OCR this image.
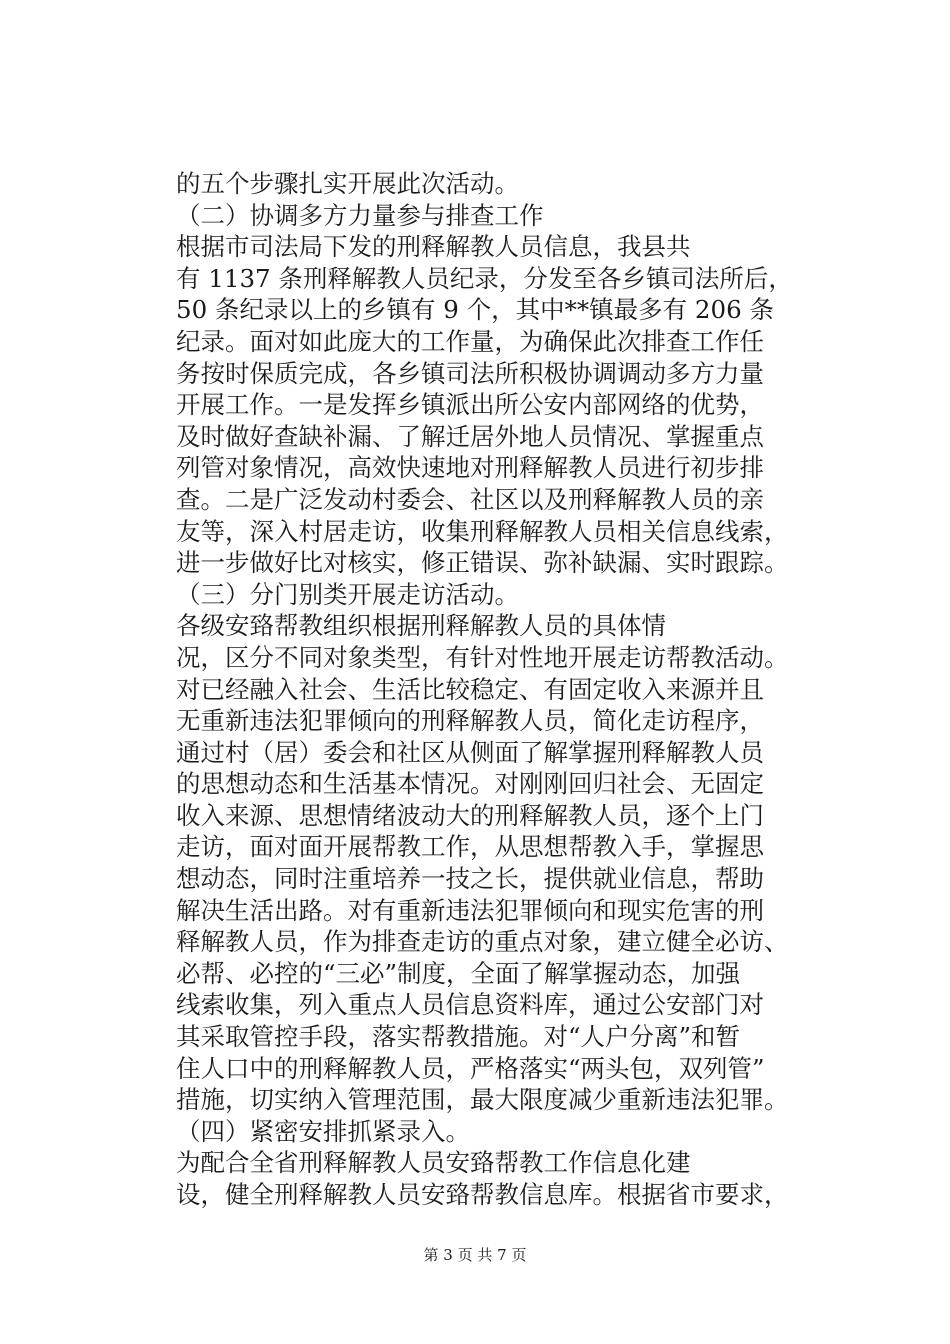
的五个步骤扎实开展此次活动。
（二）协调多方力量参与排查工作
根据市司法局下发的刑释解教人员信息，我县共
有 1137 条刑释解教人员纪录，分发至各乡镇司法所后，
50 条纪录以上的乡镇有 9 个，其中**镇最多有 206 条
纪录。面对如此庞大的工作量，为确保此次排查工作任
务按时保质完成，各乡镇司法所积极协调调动多方力量
开展工作。一是发挥乡镇派出所公安内部网络的优势，
及时做好查缺补漏、了解迁居外地人员情况、掌握重点
列管对象情况，高效快速地对刑释解教人员进行初步排
查。二是广泛发动村委会、社区以及刑释解教人员的亲
友等，深入村居走访，收集刑释解教人员相关信息线索，
进一步做好比对核实，修正错误、弥补缺漏、实时跟踪。
（三）分门别类开展走访活动。
各级安臵帮教组织根据刑释解教人员的具体情
况，区分不同对象类型，有针对性地开展走访帮教活动。
对已经融入社会、生活比较稳定、有固定收入来源并且
无重新违法犯罪倾向的刑释解教人员，简化走访程序，
通过村（居）委会和社区从侧面了解掌握刑释解教人员
的思想动态和生活基本情况。对刚刚回归社会、无固定
收入来源、思想情绪波动大的刑释解教人员，逐个上门
走访，面对面开展帮教工作，从思想帮教入手，掌握思
想动态，同时注重培养一技之长，提供就业信息，帮助
解决生活出路。对有重新违法犯罪倾向和现实危害的刑
释解教人员，作为排查走访的重点对象，建立健全必访、
必帮、必控的“三必”制度，全面了解掌握动态，加强
线索收集，列入重点人员信息资料库，通过公安部门对
其采取管控手段，落实帮教措施。对“人户分离”和暂
住人口中的刑释解教人员，严格落实“两头包，双列管”
措施，切实纳入管理范围，最大限度减少重新违法犯罪。
（四）紧密安排抓紧录入。
为配合全省刑释解教人员安臵帮教工作信息化建
设，健全刑释解教人员安臵帮教信息库。根据省市要求，
第 3 页 共 7 页
